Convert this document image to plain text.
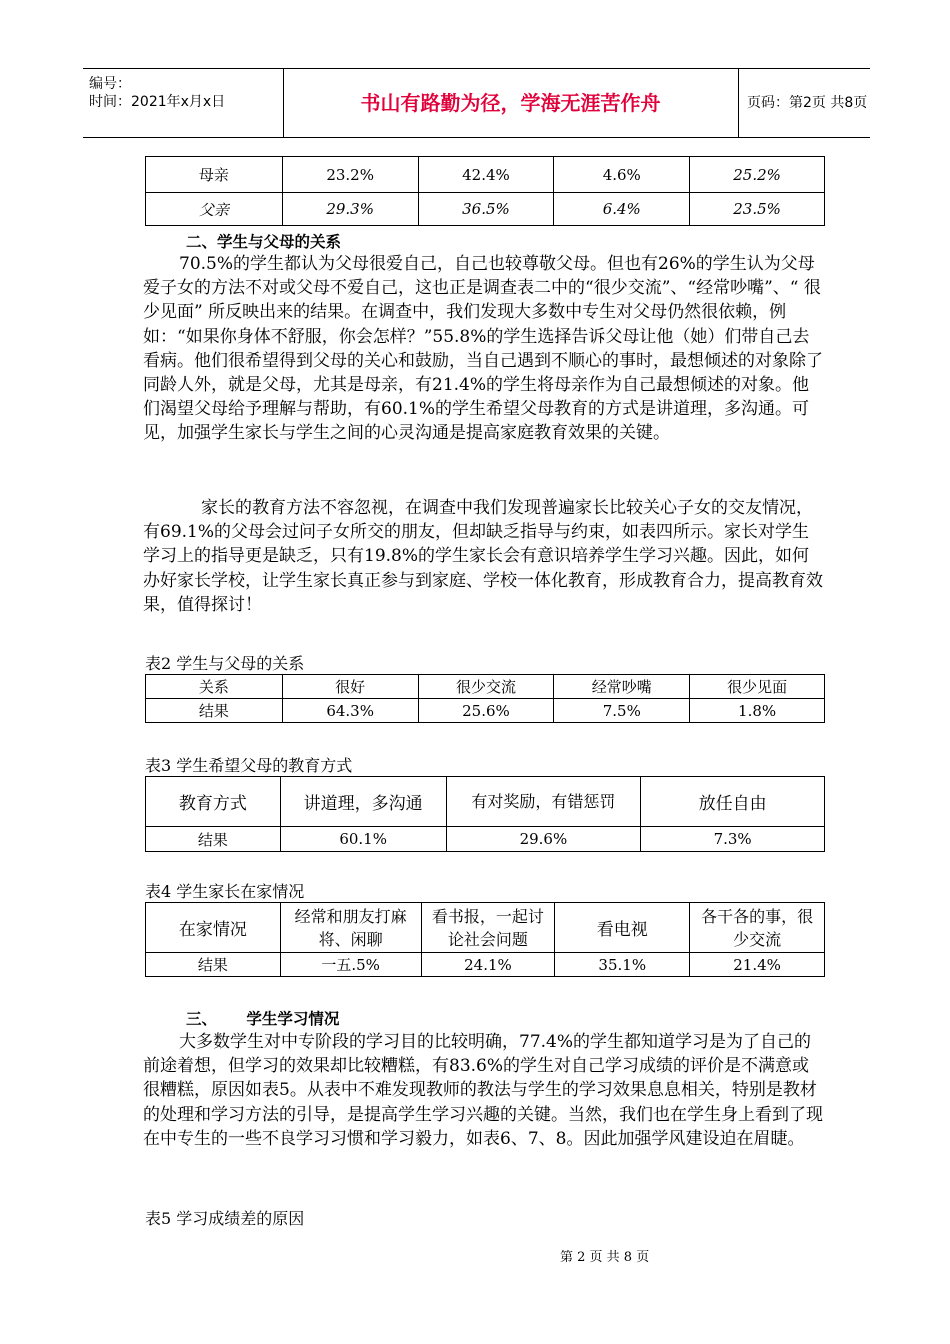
编号：
时间：2021年x月x日	书山有路勤为径，学海无涯苦作舟	页码：第2页 共8页
母亲	23.2%	42.4%	4.6%	25.2%
父亲	29.3%	36.5%	6.4%	23.5%
二、学生与父母的关系
70.5%的学生都认为父母很爱自己，自己也较尊敬父母。但也有26%的学生认为父母爱子女的方法不对或父母不爱自己，这也正是调查表二中的“很少交流”、“经常吵嘴”、“ 很少见面” 所反映出来的结果。在调查中，我们发现大多数中专生对父母仍然很依赖，例如：“如果你身体不舒服，你会怎样？”55.8%的学生选择告诉父母让他（她）们带自己去看病。他们很希望得到父母的关心和鼓励，当自己遇到不顺心的事时，最想倾述的对象除了同龄人外，就是父母，尤其是母亲，有21.4%的学生将母亲作为自己最想倾述的对象。他们渴望父母给予理解与帮助，有60.1%的学生希望父母教育的方式是讲道理，多沟通。可见，加强学生家长与学生之间的心灵沟通是提高家庭教育效果的关键。
家长的教育方法不容忽视，在调查中我们发现普遍家长比较关心子女的交友情况，有69.1%的父母会过问子女所交的朋友，但却缺乏指导与约束，如表四所示。家长对学生学习上的指导更是缺乏，只有19.8%的学生家长会有意识培养学生学习兴趣。因此，如何办好家长学校，让学生家长真正参与到家庭、学校一体化教育，形成教育合力，提高教育效果，值得探讨！
表2 学生与父母的关系
关系	很好	很少交流	经常吵嘴	很少见面
结果	64.3%	25.6%	7.5%	1.8%
表3 学生希望父母的教育方式
教育方式	讲道理，多沟通	有对奖励，有错惩罚	放任自由
结果	60.1%	29.6%	7.3%
表4 学生家长在家情况
在家情况	经常和朋友打麻将、闲聊	看书报，一起讨论社会问题	看电视	各干各的事，很少交流
结果	一五.5%	24.1%	35.1%	21.4%
三、 学生学习情况
大多数学生对中专阶段的学习目的比较明确，77.4%的学生都知道学习是为了自己的前途着想，但学习的效果却比较糟糕，有83.6%的学生对自己学习成绩的评价是不满意或很糟糕，原因如表5。从表中不难发现教师的教法与学生的学习效果息息相关，特别是教材的处理和学习方法的引导，是提高学生学习兴趣的关键。当然，我们也在学生身上看到了现在中专生的一些不良学习习惯和学习毅力，如表6、7、8。因此加强学风建设迫在眉睫。
表5 学习成绩差的原因
第 2 页 共 8 页
